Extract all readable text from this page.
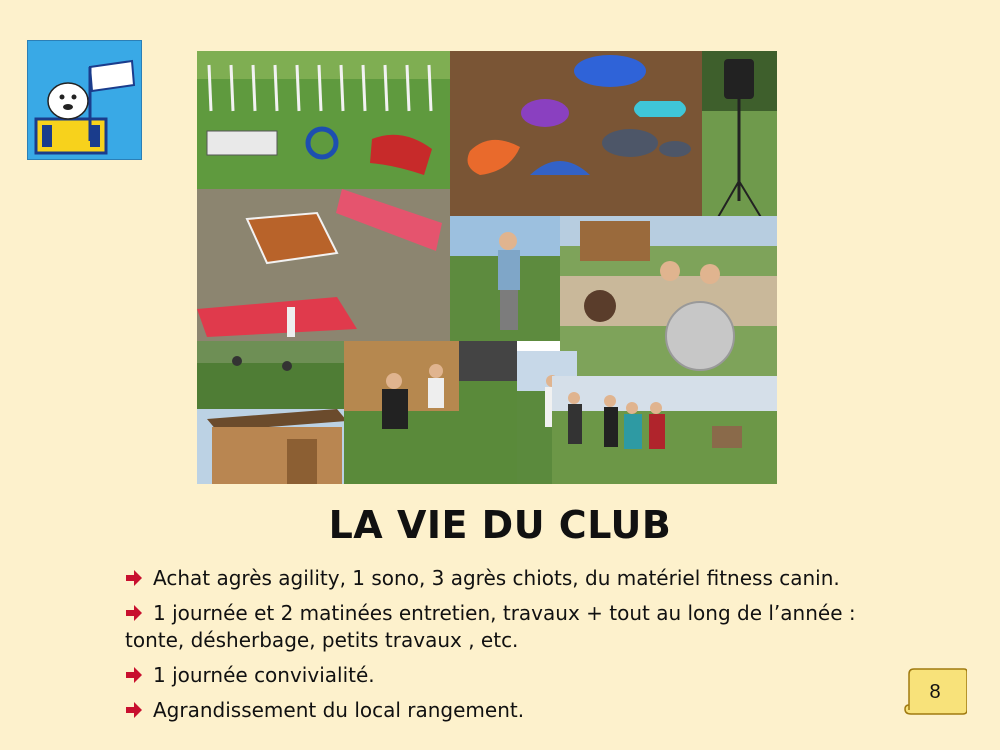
LA VIE DU CLUB
Achat agrès agility, 1 sono, 3 agrès chiots, du matériel fitness canin.
1 journée et 2 matinées entretien, travaux + tout au long de l’année :
tonte, désherbage, petits travaux , etc.
1 journée convivialité.
Agrandissement du local rangement.
8
